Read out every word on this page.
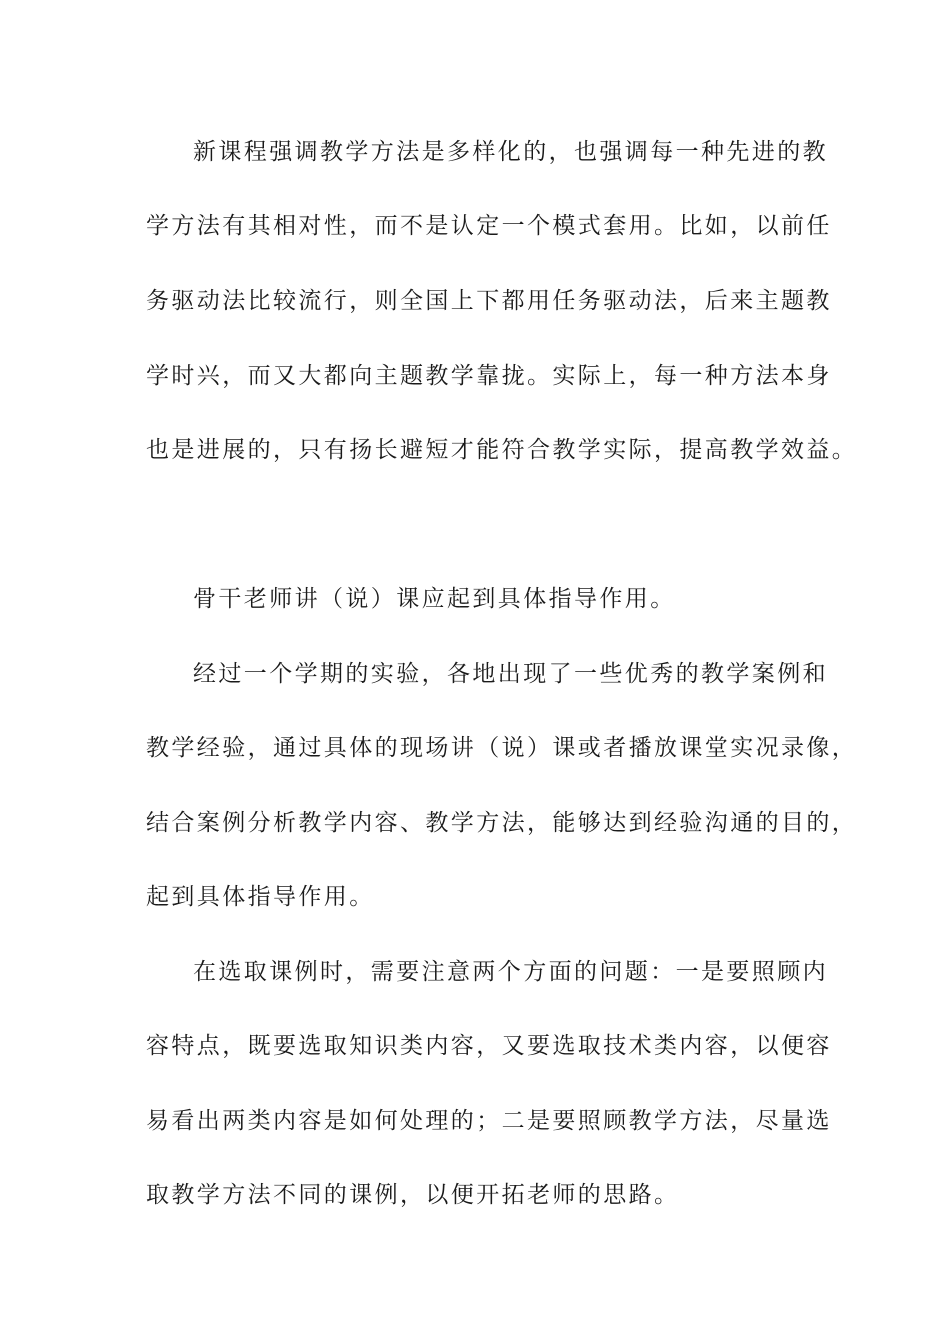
新课程强调教学方法是多样化的，也强调每一种先进的教
学方法有其相对性，而不是认定一个模式套用。比如，以前任
务驱动法比较流行，则全国上下都用任务驱动法，后来主题教
学时兴，而又大都向主题教学靠拢。实际上，每一种方法本身
也是进展的，只有扬长避短才能符合教学实际，提高教学效益。
骨干老师讲（说）课应起到具体指导作用。
经过一个学期的实验，各地出现了一些优秀的教学案例和
教学经验，通过具体的现场讲（说）课或者播放课堂实况录像，
结合案例分析教学内容、教学方法，能够达到经验沟通的目的，
起到具体指导作用。
在选取课例时，需要注意两个方面的问题：一是要照顾内
容特点，既要选取知识类内容，又要选取技术类内容，以便容
易看出两类内容是如何处理的；二是要照顾教学方法，尽量选
取教学方法不同的课例，以便开拓老师的思路。
